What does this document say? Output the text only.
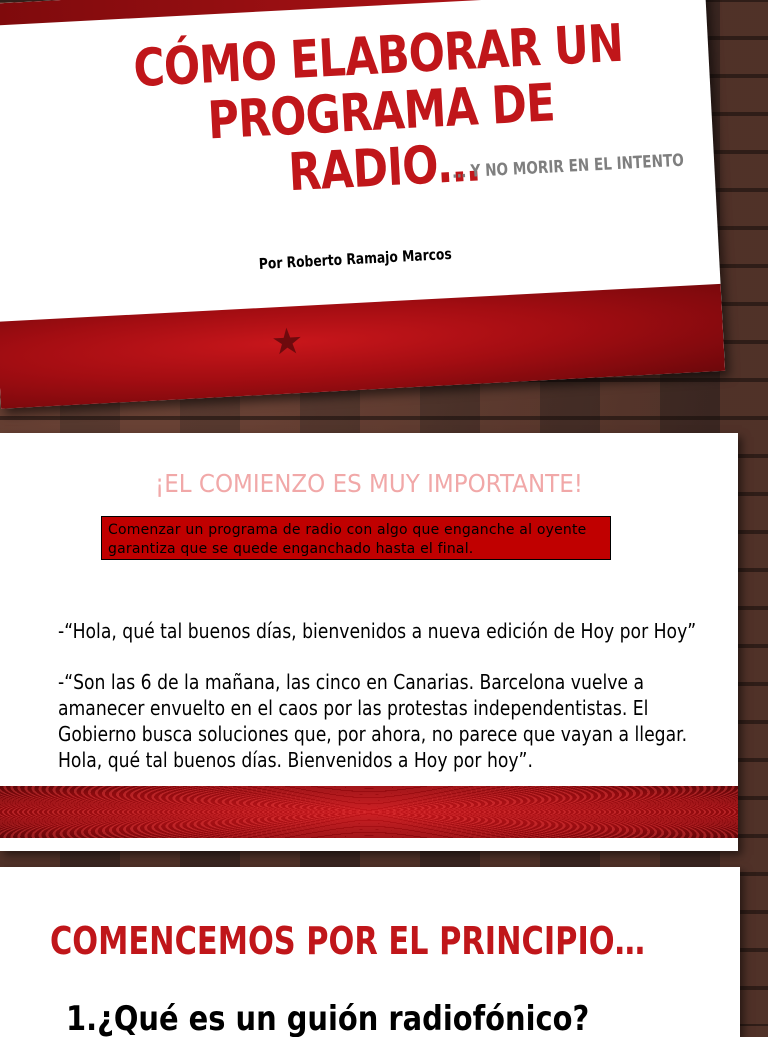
CÓMO ELABORAR UN PROGRAMA DE RADIO…
… Y NO MORIR EN EL INTENTO
Por Roberto Ramajo Marcos
★
¡EL COMIENZO ES MUY IMPORTANTE!
Comenzar un programa de radio con algo que enganche al oyente garantiza que se quede enganchado hasta el final.

-“Hola, qué tal buenos días, bienvenidos a nueva edición de Hoy por Hoy”

-“Son las 6 de la mañana, las cinco en Canarias. Barcelona vuelve a amanecer envuelto en el caos por las protestas independentistas. El Gobierno busca soluciones que, por ahora, no parece que vayan a llegar. Hola, qué tal buenos días. Bienvenidos a Hoy por hoy”.

COMENCEMOS POR EL PRINCIPIO…

1.¿Qué es un guión radiofónico?
